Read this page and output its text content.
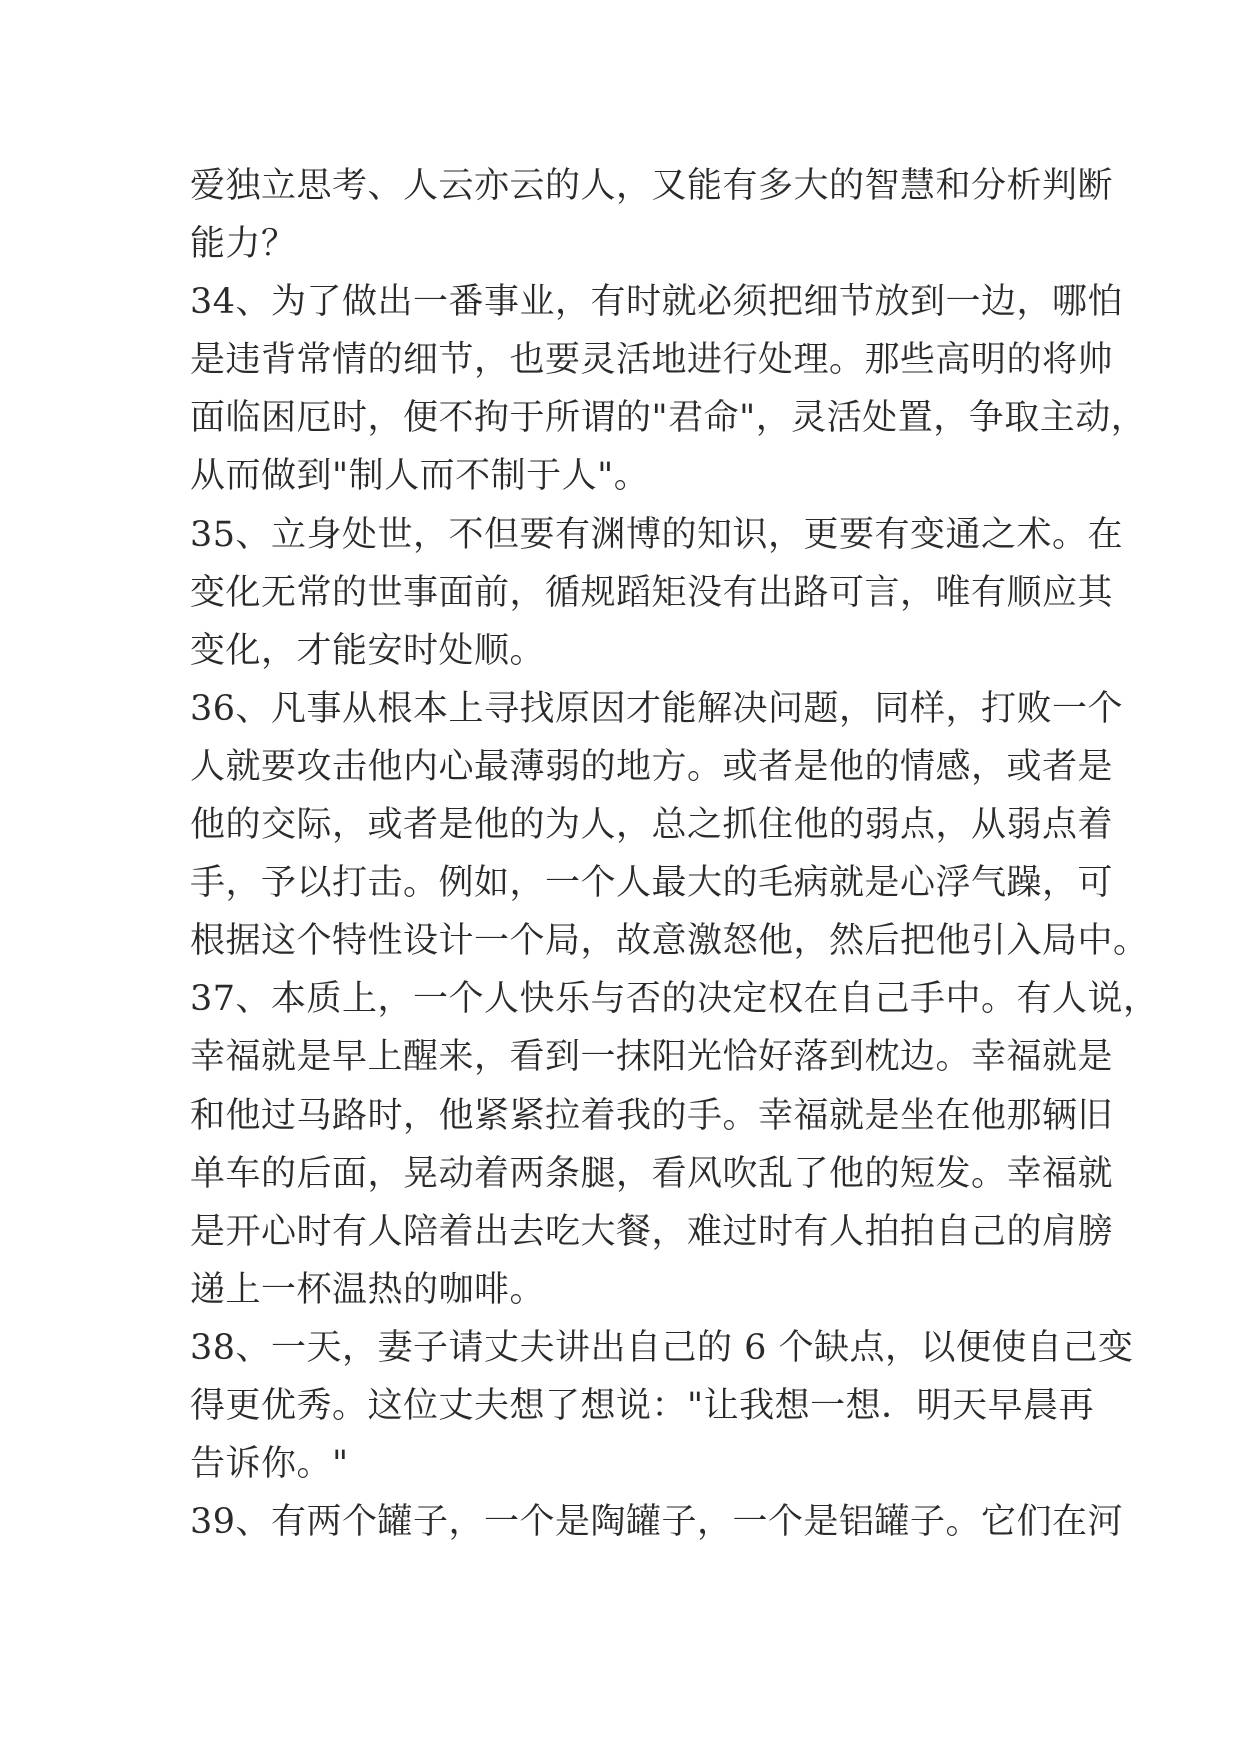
爱独立思考、人云亦云的人，又能有多大的智慧和分析判断
能力？
34、为了做出一番事业，有时就必须把细节放到一边，哪怕
是违背常情的细节，也要灵活地进行处理。那些高明的将帅
面临困厄时，便不拘于所谓的"君命"，灵活处置，争取主动，
从而做到"制人而不制于人"。
35、立身处世，不但要有渊博的知识，更要有变通之术。在
变化无常的世事面前，循规蹈矩没有出路可言，唯有顺应其
变化，才能安时处顺。
36、凡事从根本上寻找原因才能解决问题，同样，打败一个
人就要攻击他内心最薄弱的地方。或者是他的情感，或者是
他的交际，或者是他的为人，总之抓住他的弱点，从弱点着
手，予以打击。例如，一个人最大的毛病就是心浮气躁，可
根据这个特性设计一个局，故意激怒他，然后把他引入局中。
37、本质上，一个人快乐与否的决定权在自己手中。有人说，
幸福就是早上醒来，看到一抹阳光恰好落到枕边。幸福就是
和他过马路时，他紧紧拉着我的手。幸福就是坐在他那辆旧
单车的后面，晃动着两条腿，看风吹乱了他的短发。幸福就
是开心时有人陪着出去吃大餐，难过时有人拍拍自己的肩膀
递上一杯温热的咖啡。
38、一天，妻子请丈夫讲出自己的 6 个缺点，以便使自己变
得更优秀。这位丈夫想了想说："让我想一想．明天早晨再
告诉你。"
39、有两个罐子，一个是陶罐子，一个是铝罐子。它们在河
